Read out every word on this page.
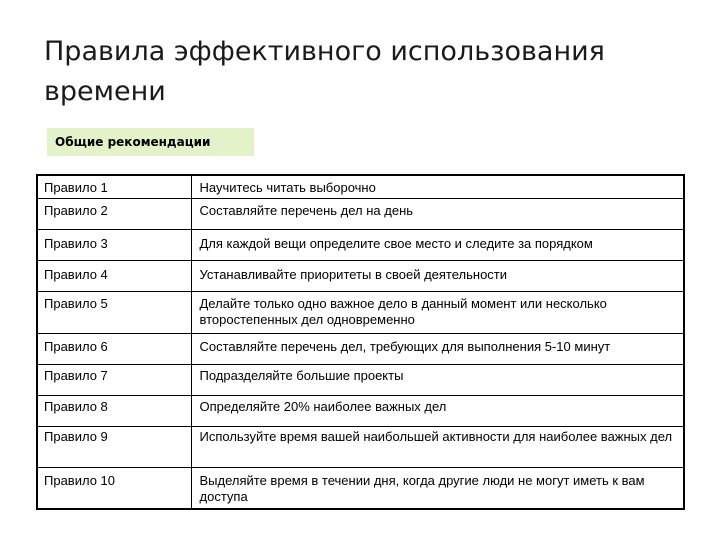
Правила эффективного использования времени
Общие рекомендации
Правило 1	Научитесь читать выборочно
Правило 2	Составляйте перечень дел на день
Правило 3	Для каждой вещи определите свое место и следите за порядком
Правило 4	Устанавливайте приоритеты в своей деятельности
Правило 5	Делайте только одно важное дело в данный момент или несколько второстепенных дел одновременно
Правило 6	Составляйте перечень дел, требующих для выполнения 5-10 минут
Правило 7	Подразделяйте большие проекты
Правило 8	Определяйте 20% наиболее важных дел
Правило 9	Используйте время вашей наибольшей активности для наиболее важных дел
Правило 10	Выделяйте время в течении дня, когда другие люди не могут иметь к вам доступа
